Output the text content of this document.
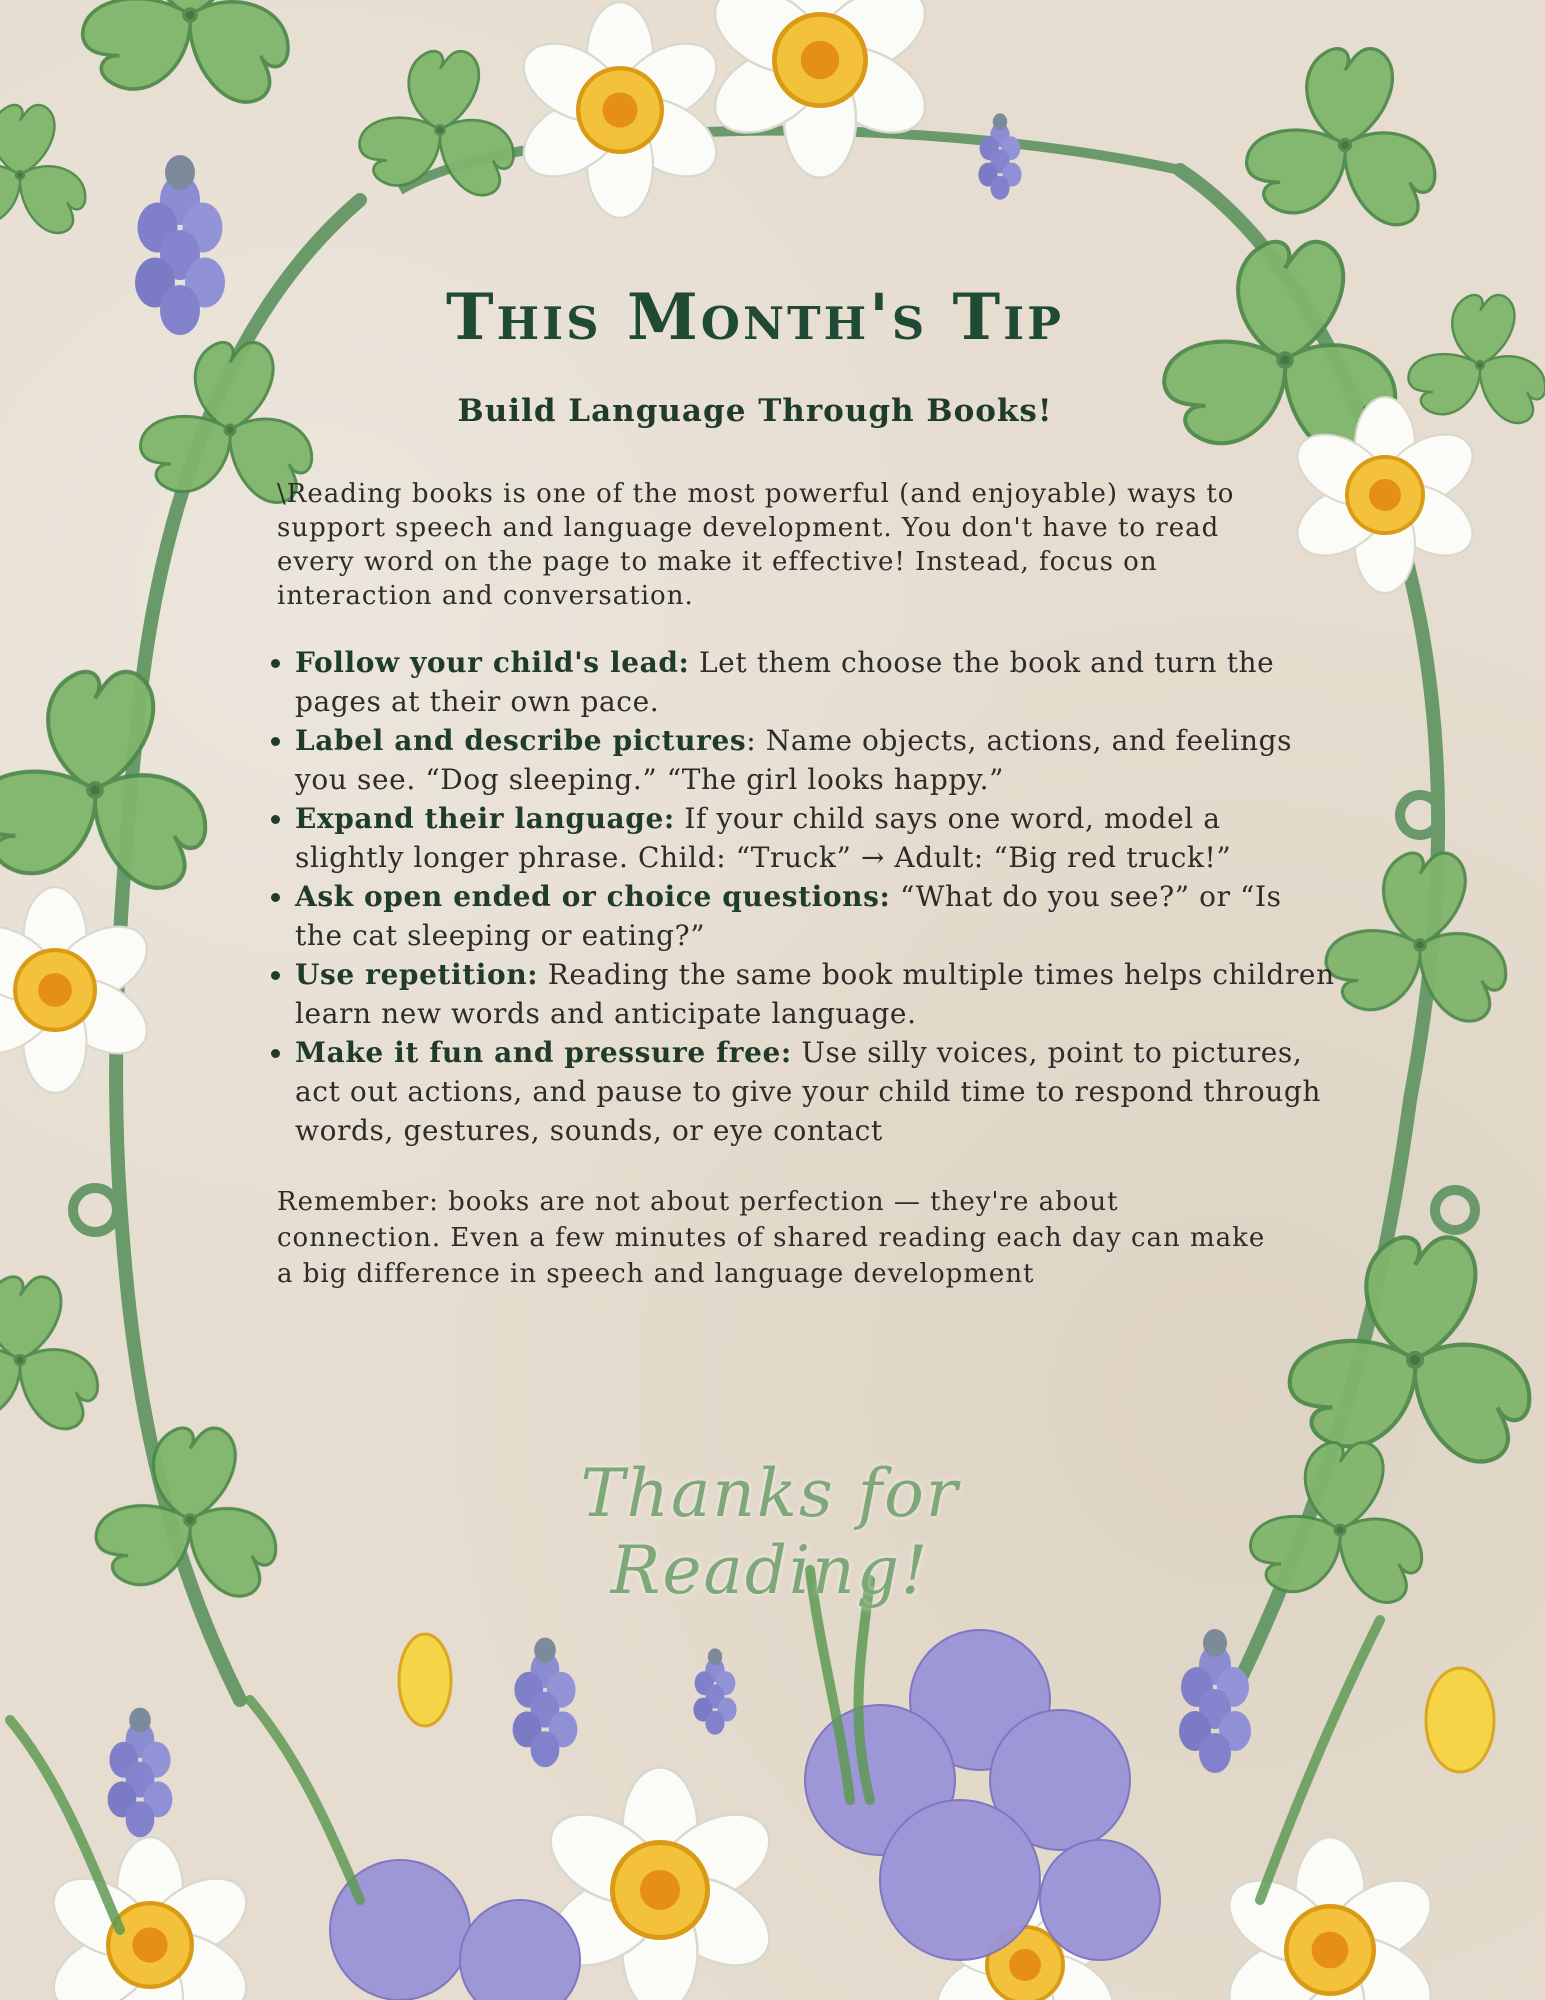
This Month's Tip
Build Language Through Books!

\Reading books is one of the most powerful (and enjoyable) ways to support speech and language development. You don't have to read every word on the page to make it effective! Instead, focus on interaction and conversation.

• Follow your child's lead: Let them choose the book and turn the pages at their own pace.
• Label and describe pictures: Name objects, actions, and feelings you see. “Dog sleeping.” “The girl looks happy.”
• Expand their language: If your child says one word, model a slightly longer phrase. Child: “Truck” → Adult: “Big red truck!”
• Ask open ended or choice questions: “What do you see?” or “Is the cat sleeping or eating?”
• Use repetition: Reading the same book multiple times helps children learn new words and anticipate language.
• Make it fun and pressure free: Use silly voices, point to pictures, act out actions, and pause to give your child time to respond through words, gestures, sounds, or eye contact

Remember: books are not about perfection — they're about connection. Even a few minutes of shared reading each day can make a big difference in speech and language development

Thanks for Reading!
